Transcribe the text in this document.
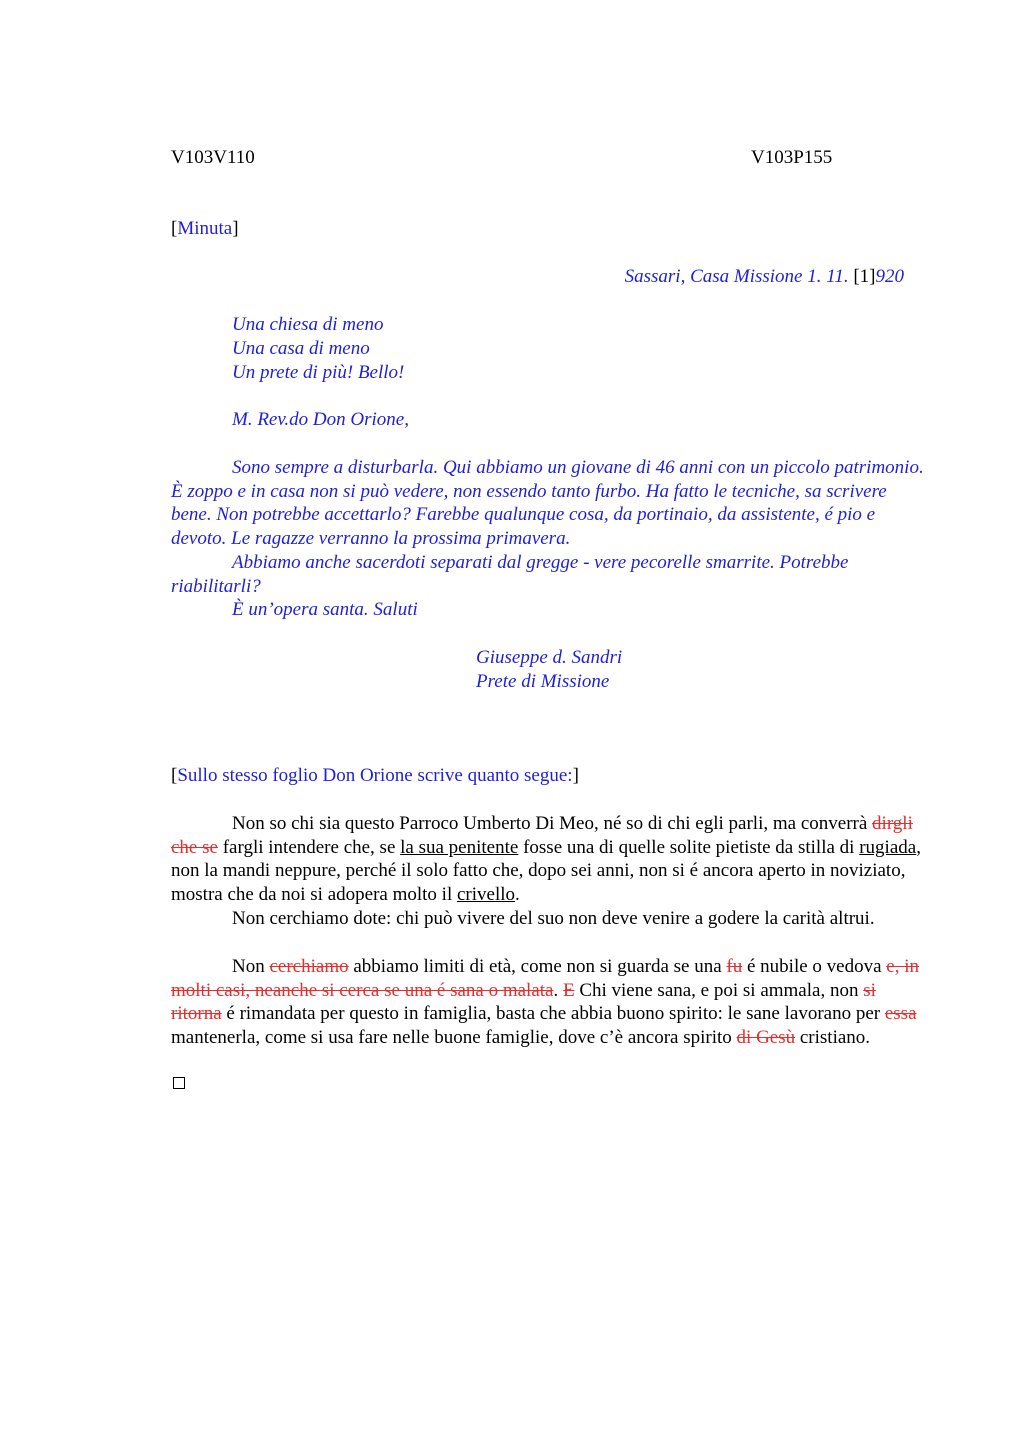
V103V110	V103P155
[Minuta]
Sassari, Casa Missione 1. 11. [1]920
Una chiesa di meno
Una casa di meno
Un prete di più! Bello!
M. Rev.do Don Orione,
Sono sempre a disturbarla. Qui abbiamo un giovane di 46 anni con un piccolo patrimonio. È zoppo e in casa non si può vedere, non essendo tanto furbo. Ha fatto le tecniche, sa scrivere bene. Non potrebbe accettarlo? Farebbe qualunque cosa, da portinaio, da assistente, é pio e devoto. Le ragazze verranno la prossima primavera.
Abbiamo anche sacerdoti separati dal gregge - vere pecorelle smarrite. Potrebbe riabilitarli?
È un’opera santa. Saluti
Giuseppe d. Sandri
Prete di Missione
[Sullo stesso foglio Don Orione scrive quanto segue:]
Non so chi sia questo Parroco Umberto Di Meo, né so di chi egli parli, ma converrà dirgli che se fargli intendere che, se la sua penitente fosse una di quelle solite pietiste da stilla di rugiada, non la mandi neppure, perché il solo fatto che, dopo sei anni, non si é ancora aperto in noviziato, mostra che da noi si adopera molto il crivello.
Non cerchiamo dote: chi può vivere del suo non deve venire a godere la carità altrui.
Non cerchiamo abbiamo limiti di età, come non si guarda se una fu é nubile o vedova e, in molti casi, neanche si cerca se una é sana o malata. E Chi viene sana, e poi si ammala, non si ritorna é rimandata per questo in famiglia, basta che abbia buono spirito: le sane lavorano per essa mantenerla, come si usa fare nelle buone famiglie, dove c’è ancora spirito di Gesù cristiano.
